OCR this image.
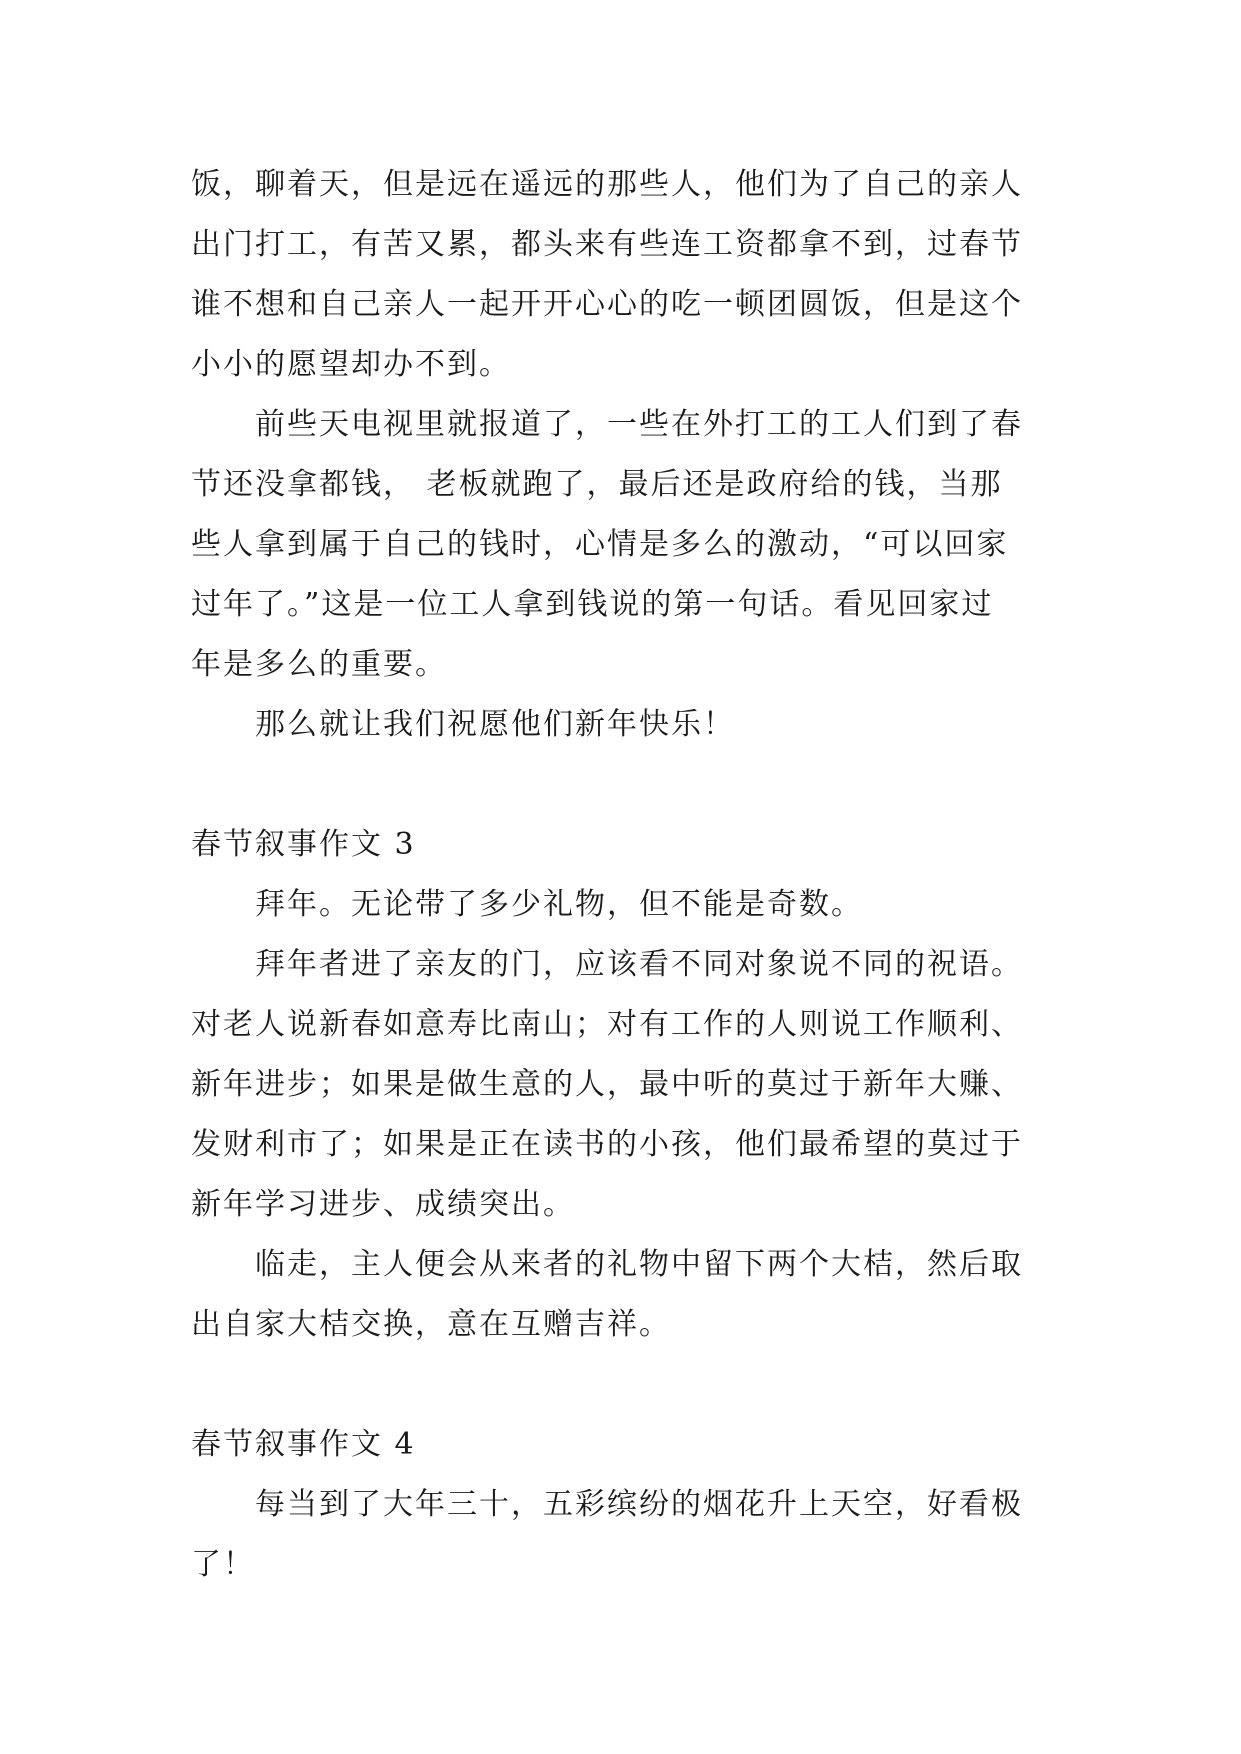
饭，聊着天，但是远在遥远的那些人，他们为了自己的亲人
出门打工，有苦又累，都头来有些连工资都拿不到，过春节
谁不想和自己亲人一起开开心心的吃一顿团圆饭，但是这个
小小的愿望却办不到。
前些天电视里就报道了，一些在外打工的工人们到了春
节还没拿都钱， 老板就跑了，最后还是政府给的钱，当那
些人拿到属于自己的钱时，心情是多么的激动，“可以回家
过年了。”这是一位工人拿到钱说的第一句话。看见回家过
年是多么的重要。
那么就让我们祝愿他们新年快乐！
春节叙事作文 3
拜年。无论带了多少礼物，但不能是奇数。
拜年者进了亲友的门，应该看不同对象说不同的祝语。
对老人说新春如意寿比南山；对有工作的人则说工作顺利、
新年进步；如果是做生意的人，最中听的莫过于新年大赚、
发财利市了；如果是正在读书的小孩，他们最希望的莫过于
新年学习进步、成绩突出。
临走，主人便会从来者的礼物中留下两个大桔，然后取
出自家大桔交换，意在互赠吉祥。
春节叙事作文 4
每当到了大年三十，五彩缤纷的烟花升上天空，好看极
了！
